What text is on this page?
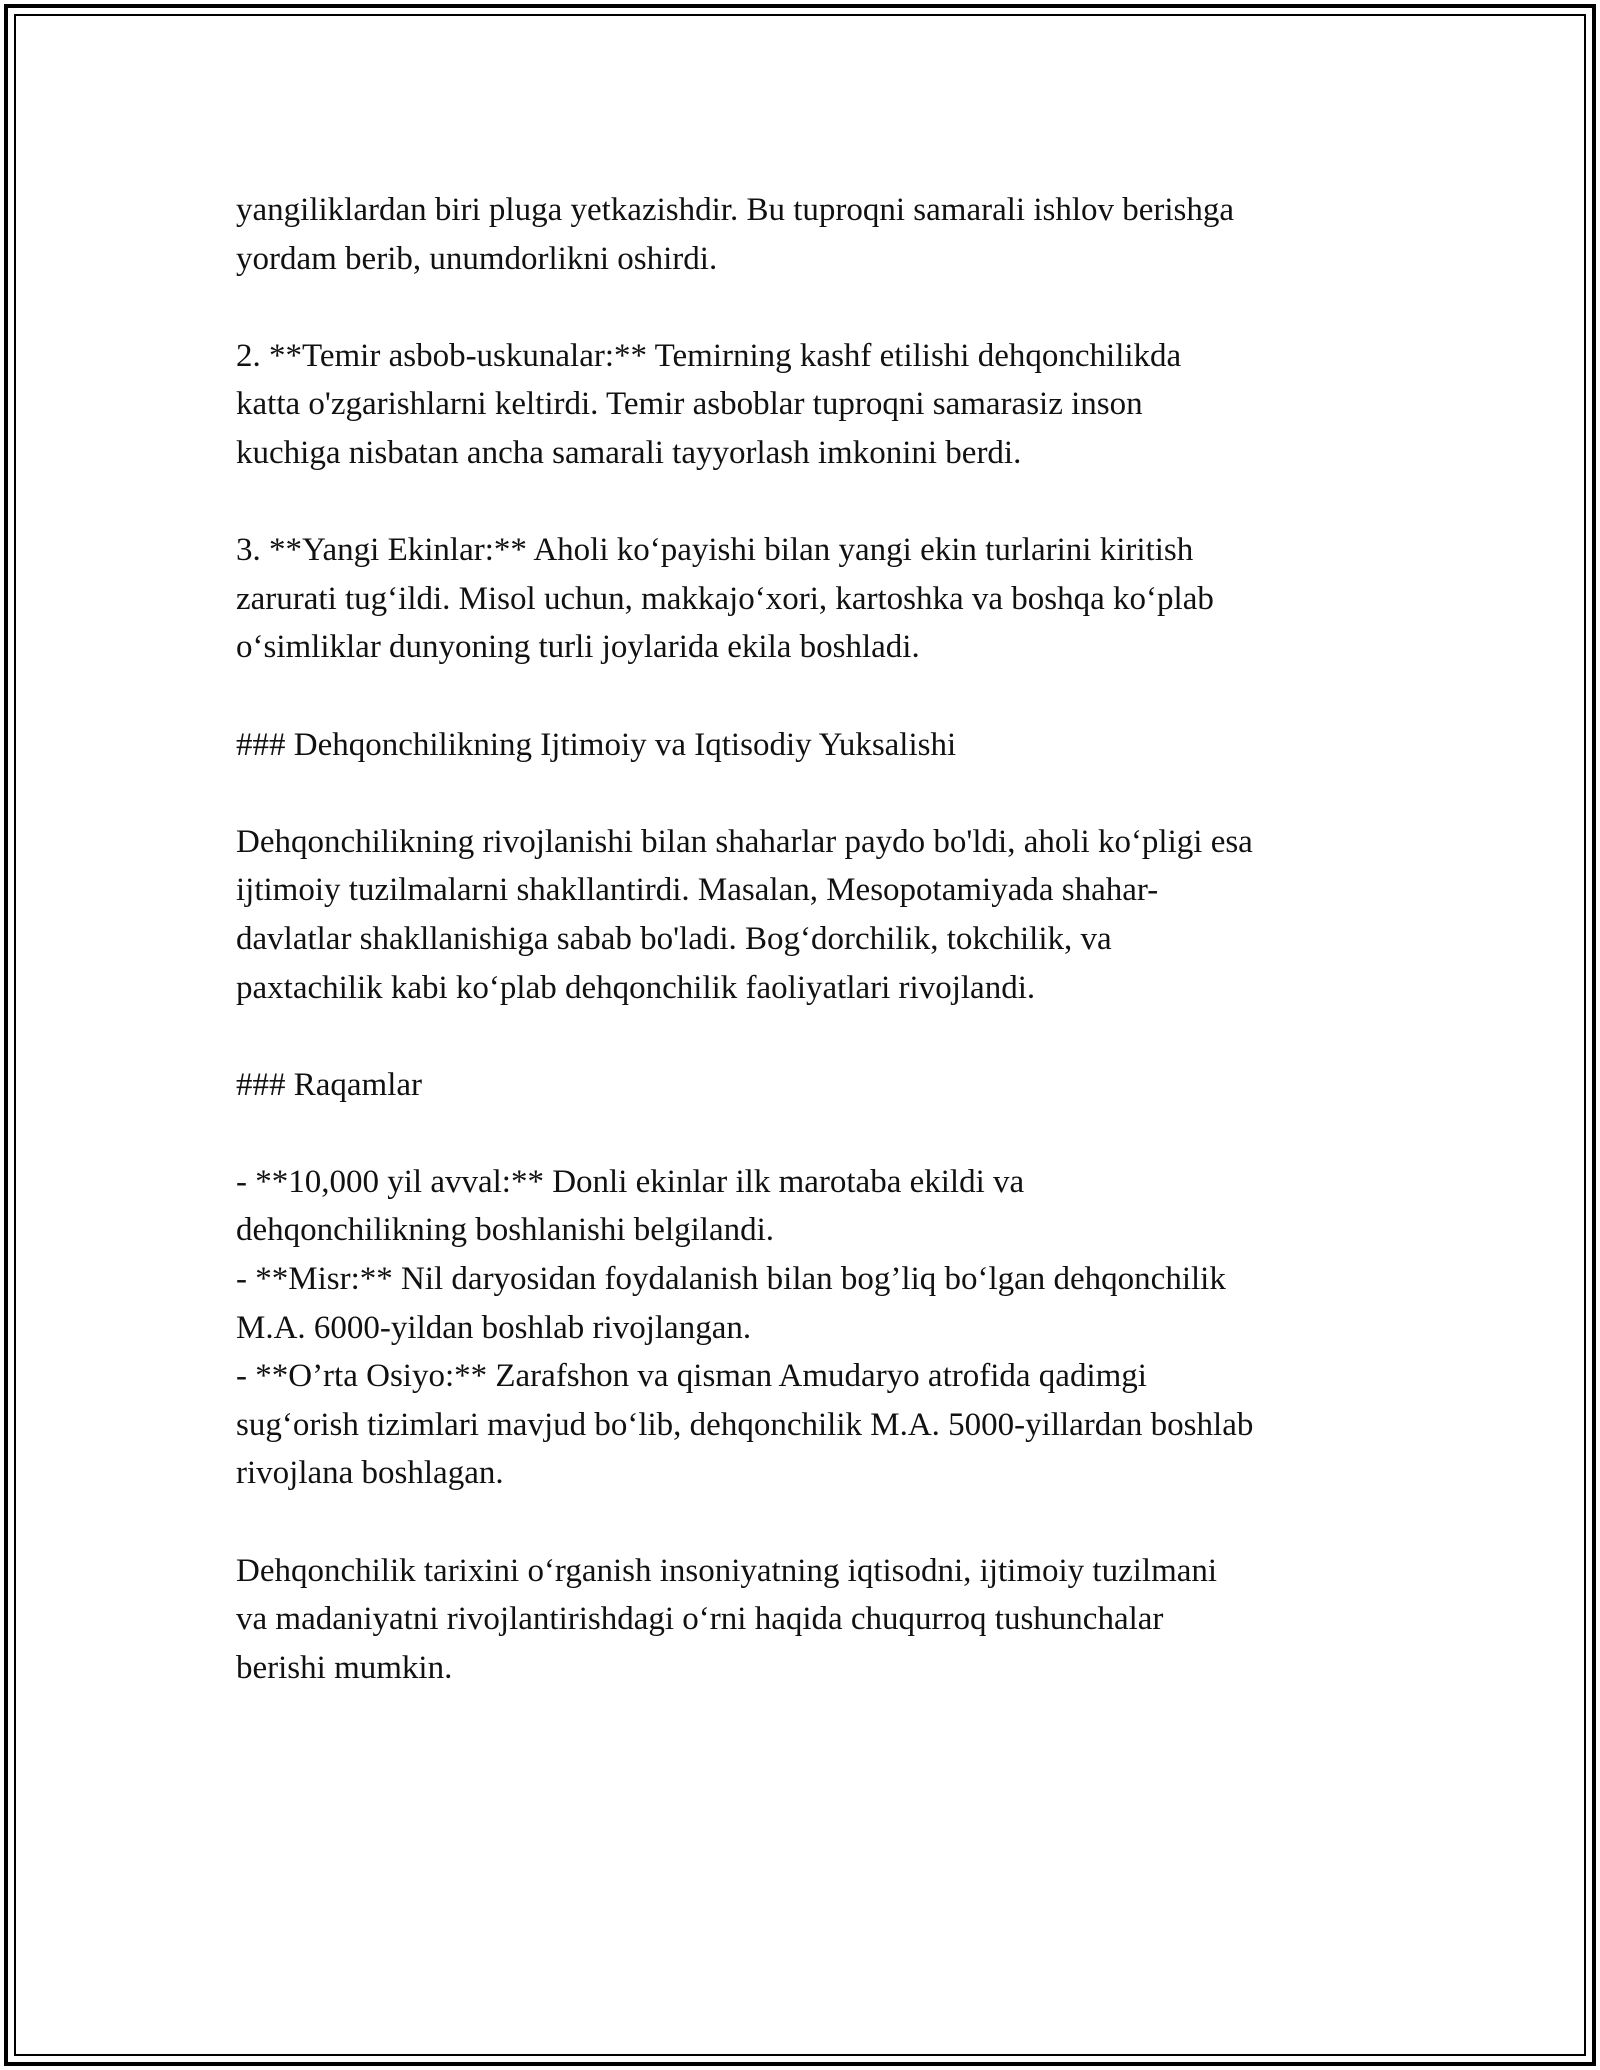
yangiliklardan biri pluga yetkazishdir. Bu tuproqni samarali ishlov berishga
yordam berib, unumdorlikni oshirdi.

2. **Temir asbob-uskunalar:** Temirning kashf etilishi dehqonchilikda
katta o'zgarishlarni keltirdi. Temir asboblar tuproqni samarasiz inson
kuchiga nisbatan ancha samarali tayyorlash imkonini berdi.

3. **Yangi Ekinlar:** Aholi ko‘payishi bilan yangi ekin turlarini kiritish
zarurati tug‘ildi. Misol uchun, makkajo‘xori, kartoshka va boshqa ko‘plab
o‘simliklar dunyoning turli joylarida ekila boshladi.

### Dehqonchilikning Ijtimoiy va Iqtisodiy Yuksalishi

Dehqonchilikning rivojlanishi bilan shaharlar paydo bo'ldi, aholi ko‘pligi esa
ijtimoiy tuzilmalarni shakllantirdi. Masalan, Mesopotamiyada shahar-
davlatlar shakllanishiga sabab bo'ladi. Bog‘dorchilik, tokchilik, va
paxtachilik kabi ko‘plab dehqonchilik faoliyatlari rivojlandi.

### Raqamlar

- **10,000 yil avval:** Donli ekinlar ilk marotaba ekildi va
dehqonchilikning boshlanishi belgilandi.
- **Misr:** Nil daryosidan foydalanish bilan bog’liq bo‘lgan dehqonchilik
M.A. 6000-yildan boshlab rivojlangan.
- **O’rta Osiyo:** Zarafshon va qisman Amudaryo atrofida qadimgi
sug‘orish tizimlari mavjud bo‘lib, dehqonchilik M.A. 5000-yillardan boshlab
rivojlana boshlagan.

Dehqonchilik tarixini o‘rganish insoniyatning iqtisodni, ijtimoiy tuzilmani
va madaniyatni rivojlantirishdagi o‘rni haqida chuqurroq tushunchalar
berishi mumkin.
